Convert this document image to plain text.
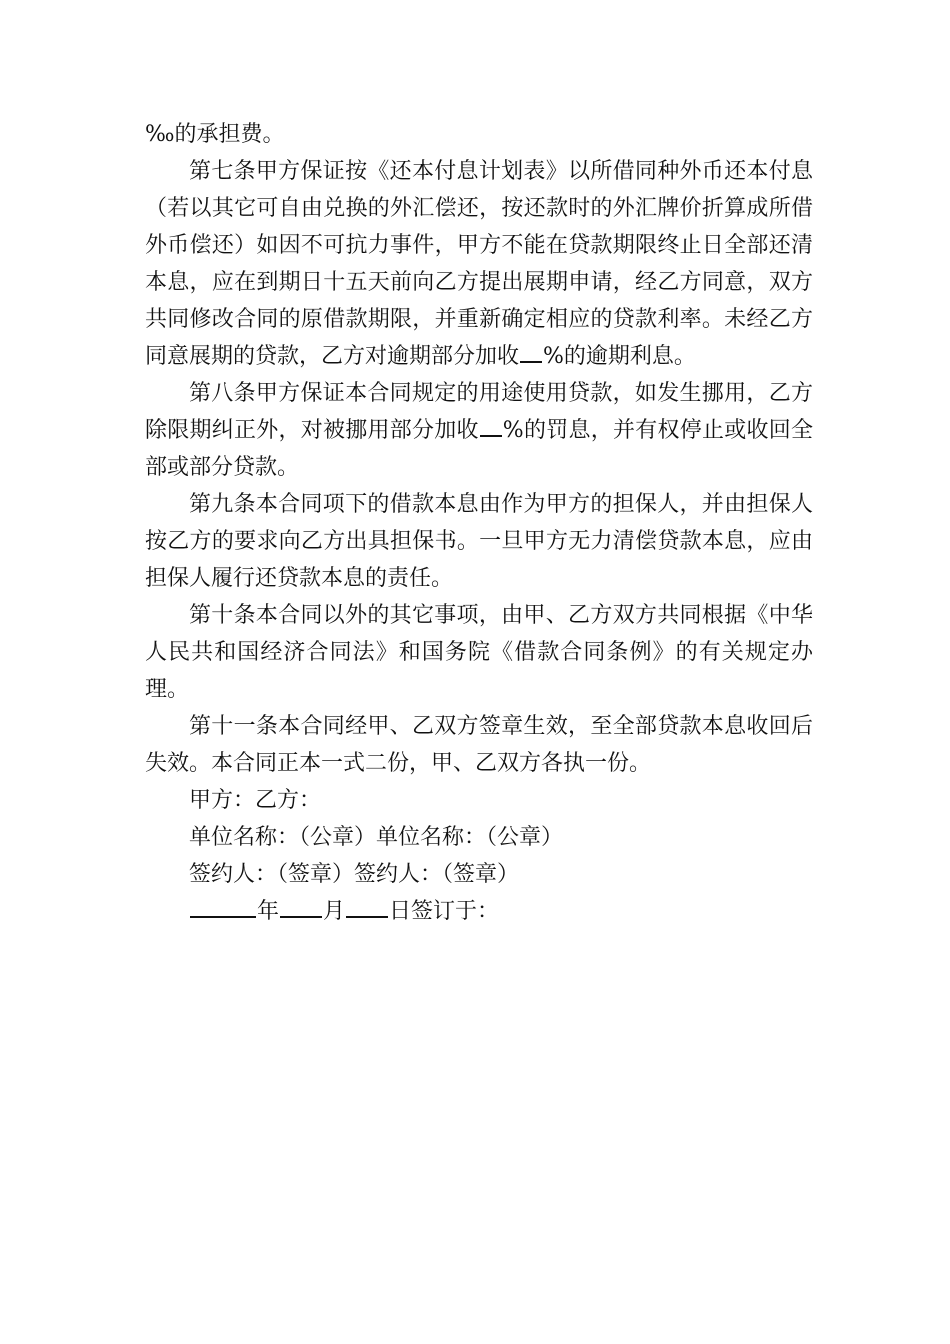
‰的承担费。

第七条甲方保证按《还本付息计划表》以所借同种外币还本付息（若以其它可自由兑换的外汇偿还，按还款时的外汇牌价折算成所借外币偿还）如因不可抗力事件，甲方不能在贷款期限终止日全部还清本息，应在到期日十五天前向乙方提出展期申请，经乙方同意，双方共同修改合同的原借款期限，并重新确定相应的贷款利率。未经乙方同意展期的贷款，乙方对逾期部分加收 %的逾期利息。

第八条甲方保证本合同规定的用途使用贷款，如发生挪用，乙方除限期纠正外，对被挪用部分加收 %的罚息，并有权停止或收回全部或部分贷款。

第九条本合同项下的借款本息由作为甲方的担保人，并由担保人按乙方的要求向乙方出具担保书。一旦甲方无力清偿贷款本息，应由担保人履行还贷款本息的责任。

第十条本合同以外的其它事项，由甲、乙方双方共同根据《中华人民共和国经济合同法》和国务院《借款合同条例》的有关规定办理。

第十一条本合同经甲、乙双方签章生效，至全部贷款本息收回后失效。本合同正本一式二份，甲、乙双方各执一份。

甲方：乙方：

单位名称：（公章）单位名称：（公章）

签约人：（签章）签约人：（签章）

年 月 日签订于：
